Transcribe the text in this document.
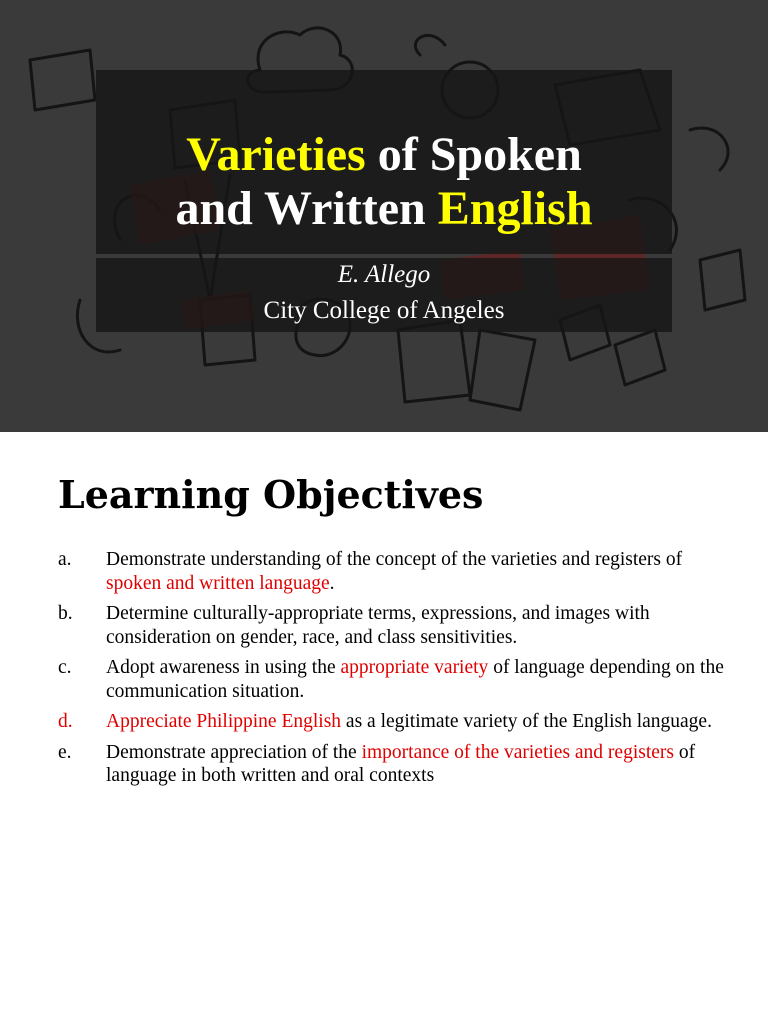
Varieties of Spoken
and Written English
E. Allego
City College of Angeles
Learning Objectives
a. Demonstrate understanding of the concept of the varieties and registers of spoken and written language.
b. Determine culturally-appropriate terms, expressions, and images with consideration on gender, race, and class sensitivities.
c. Adopt awareness in using the appropriate variety of language depending on the communication situation.
d. Appreciate Philippine English as a legitimate variety of the English language.
e. Demonstrate appreciation of the importance of the varieties and registers of language in both written and oral contexts
